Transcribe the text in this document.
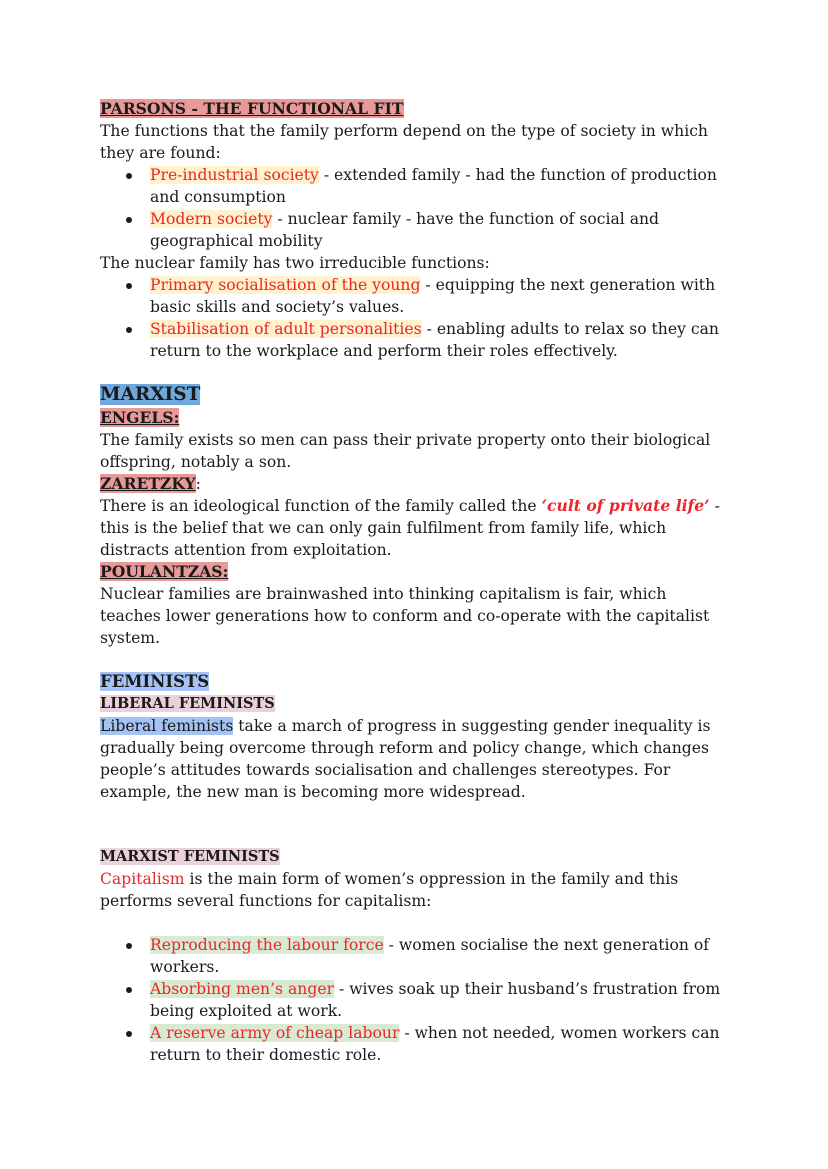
PARSONS - THE FUNCTIONAL FIT

The functions that the family perform depend on the type of society in which they are found:

Pre-industrial society - extended family - had the function of production and consumption
Modern society - nuclear family - have the function of social and geographical mobility

The nuclear family has two irreducible functions:

Primary socialisation of the young - equipping the next generation with basic skills and society’s values.
Stabilisation of adult personalities - enabling adults to relax so they can return to the workplace and perform their roles effectively.

MARXIST

ENGELS:

The family exists so men can pass their private property onto their biological offspring, notably a son.

ZARETZKY:

There is an ideological function of the family called the ‘cult of private life’ - this is the belief that we can only gain fulfilment from family life, which distracts attention from exploitation.

POULANTZAS:

Nuclear families are brainwashed into thinking capitalism is fair, which teaches lower generations how to conform and co-operate with the capitalist system.

FEMINISTS

LIBERAL FEMINISTS

Liberal feminists take a march of progress in suggesting gender inequality is gradually being overcome through reform and policy change, which changes people’s attitudes towards socialisation and challenges stereotypes. For example, the new man is becoming more widespread.

MARXIST FEMINISTS

Capitalism is the main form of women’s oppression in the family and this performs several functions for capitalism:

Reproducing the labour force - women socialise the next generation of workers.
Absorbing men’s anger - wives soak up their husband’s frustration from being exploited at work.
A reserve army of cheap labour - when not needed, women workers can return to their domestic role.
